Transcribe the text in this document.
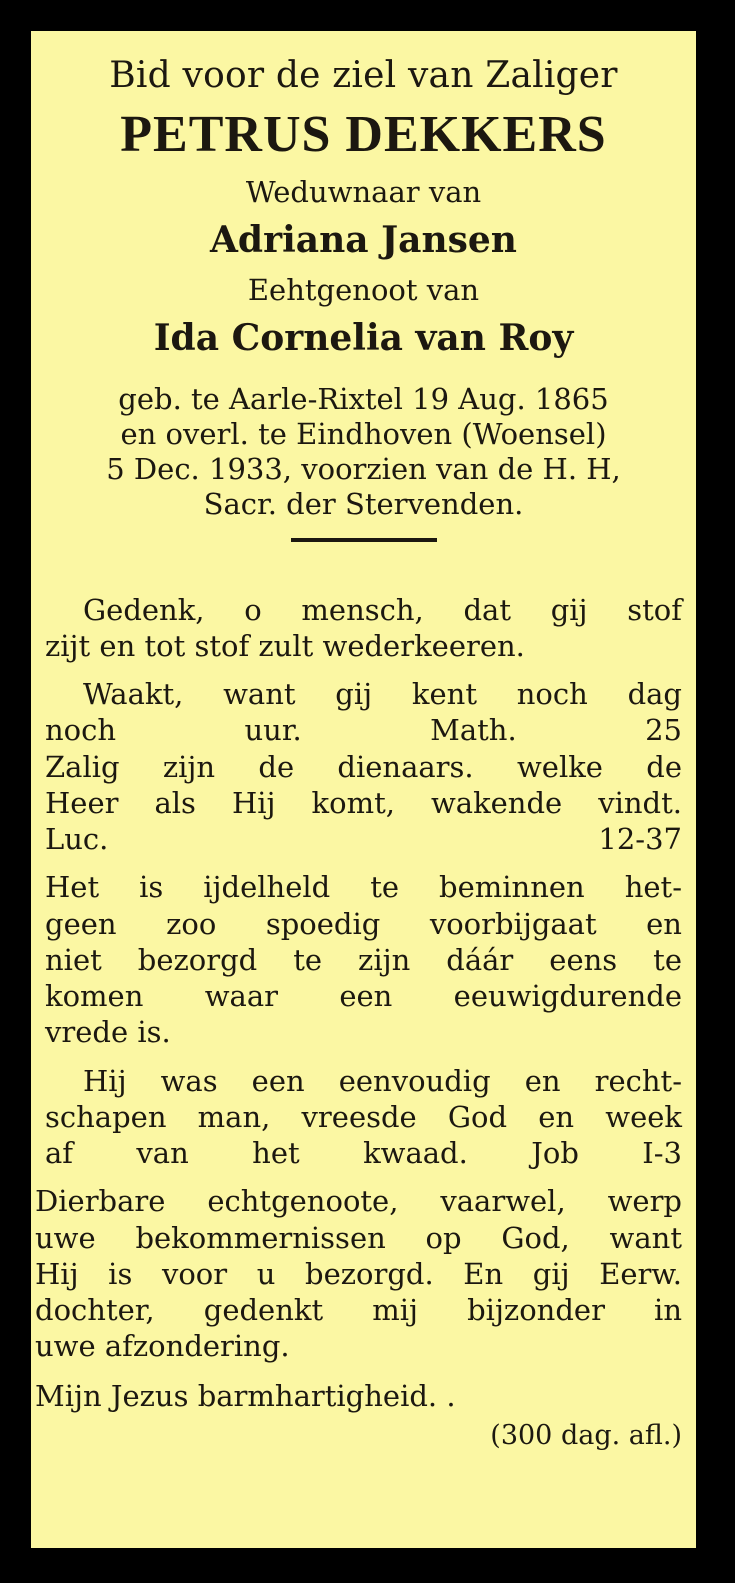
Bid voor de ziel van Zaliger
PETRUS DEKKERS
Weduwnaar van
Adriana Jansen
Eehtgenoot van
Ida Cornelia van Roy
geb. te Aarle-Rixtel 19 Aug. 1865
en overl. te Eindhoven (Woensel)
5 Dec. 1933, voorzien van de H. H,
Sacr. der Stervenden.
Gedenk, o mensch, dat gij stof
zijt en tot stof zult wederkeeren.
Waakt, want gij kent noch dag
noch uur.	Math. 25
Zalig zijn de dienaars. welke de
Heer als Hij komt, wakende vindt.
Luc. 12-37
Het is ijdelheld te beminnen het-
geen zoo spoedig voorbijgaat en
niet bezorgd te zijn dáár eens te
komen waar een eeuwigdurende
vrede is.
Hij was een eenvoudig en recht-
schapen man, vreesde God en week
af van het kwaad. Job I-3
Dierbare echtgenoote, vaarwel, werp
uwe bekommernissen op God, want
Hij is voor u bezorgd. En gij Eerw.
dochter, gedenkt mij bijzonder in
uwe afzondering.
Mijn Jezus barmhartigheid. .
(300 dag. afl.)
